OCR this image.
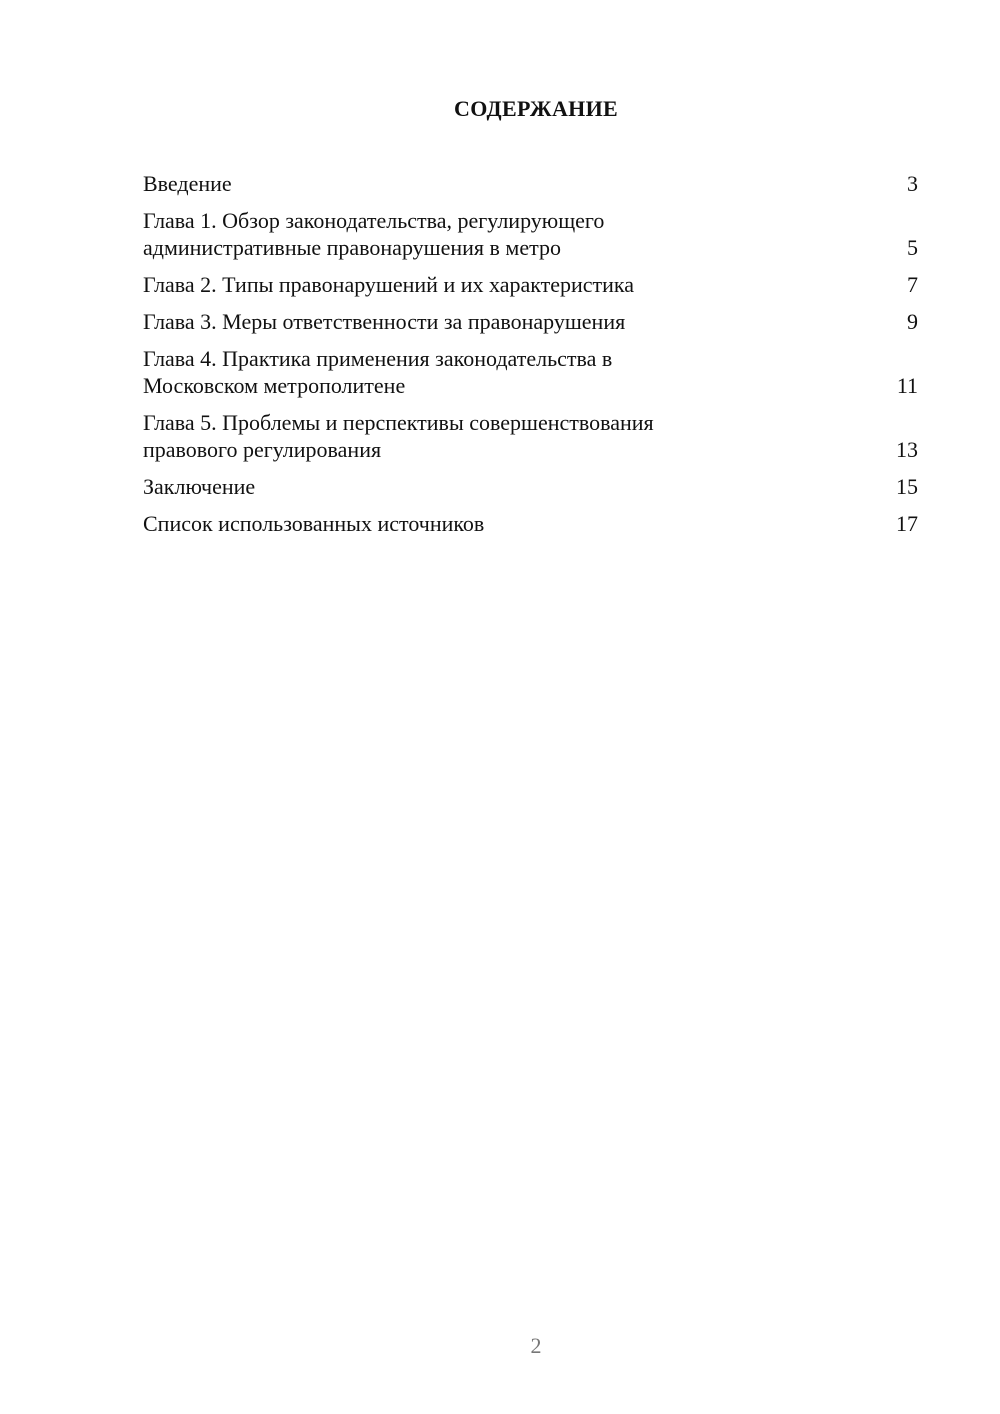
СОДЕРЖАНИЕ
Введение	3
Глава 1. Обзор законодательства, регулирующего
административные правонарушения в метро	5
Глава 2. Типы правонарушений и их характеристика	7
Глава 3. Меры ответственности за правонарушения	9
Глава 4. Практика применения законодательства в
Московском метрополитене	11
Глава 5. Проблемы и перспективы совершенствования
правового регулирования	13
Заключение	15
Список использованных источников	17
2
